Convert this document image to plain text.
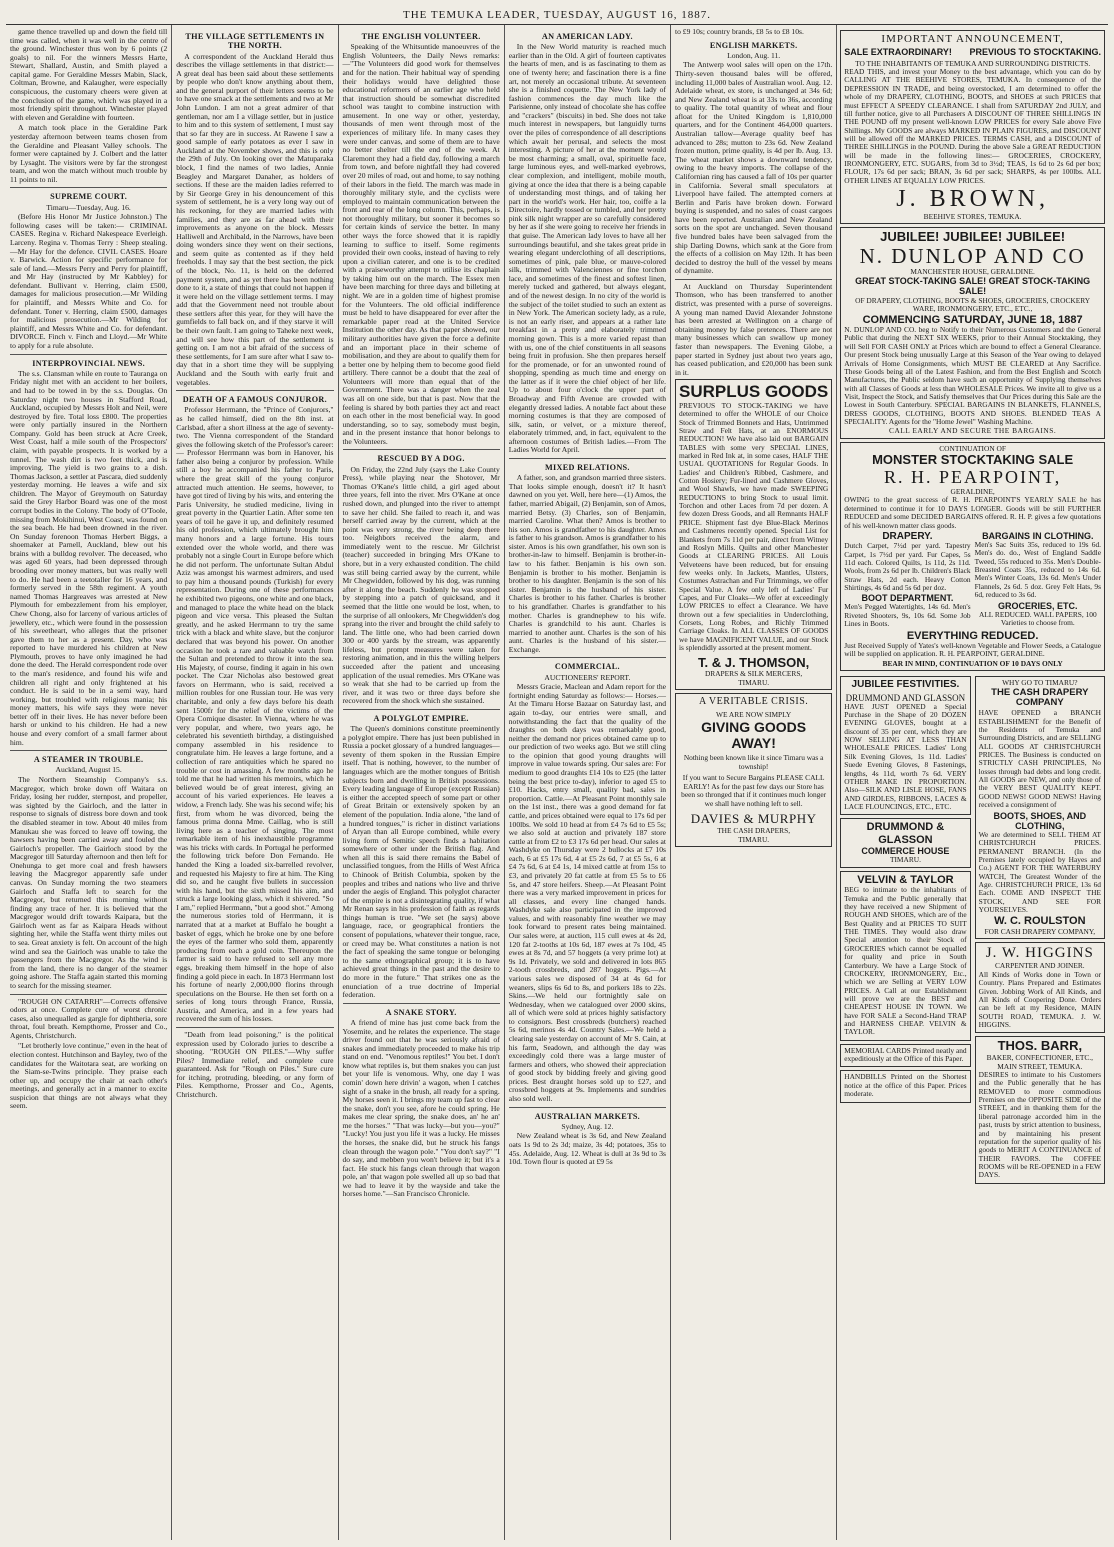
THE TEMUKA LEADER, TUESDAY, AUGUST 16, 1887.

game thence travelled up and down the field till time was called, when it was well in the centre of the ground. Winchester thus won by 6 points (2 goals) to nil. For the winners Messrs Harte, Stewart, Shallard, Austin, and Smith played a capital game. For Geraldine Messrs Mabin, Slack, Coltman, Browne, and Kalaugher, were especially conspicuous, the customary cheers were given at the conclusion of the game, which was played in a most friendly spirit throughout. Winchester played with eleven and Geraldine with fourteen.

A match took place in the Geraldine Park yesterday afternoon between teams chosen from the Geraldine and Pleasant Valley schools. The former were captained by J. Colbert and the latter by Lysaght. The visitors were by far the strongest team, and won the match without much trouble by 11 points to nil.

SUPREME COURT.
Timaru—Tuesday, Aug. 16.

(Before His Honor Mr Justice Johnston.) The following cases will be taken:— CRIMINAL CASES. Regina v. Richard Nakespeace Everleigh. Larceny. Regina v. Thomas Terry : Sheep stealing.—Mr Hay for the defence. CIVIL CASES. Hoare v. Barwick. Action for specific performance for sale of land.—Messrs Perry and Perry for plaintiff, and Mr Hay (instructed by Mr Kabbley) for defendant. Bullivant v. Herring, claim £500, damages for malicious prosecution.—Mr Wilding for plaintiff, and Messrs White and Co. for defendant. Toner v. Herring, claim £500, damages for malicious prosecution.—Mr Wilding for plaintiff, and Messrs White and Co. for defendant. DIVORCE. Finch v. Finch and Lloyd.—Mr White to apply for a rule absolute.

INTERPROVINCIAL NEWS.

The s.s. Clansman while en route to Tauranga on Friday night met with an accident to her boilers, and had to be towed in by the s.s. Douglas. On Saturday night two houses in Stafford Road, Auckland, occupied by Messrs Holt and Neil, were destroyed by fire. Total loss £800. The properties were only partially insured in the Northern Company. Gold has been struck at Acre Creek, West Coast, half a mile south of the Prospectors' claim, with payable prospects. It is worked by a tunnel. The wash dirt is two feet thick, and is improving. The yield is two grains to a dish. Thomas Jackson, a settler at Pascara, died suddenly yesterday morning. He leaves a wife and six children. The Mayor of Greymouth on Saturday said the Grey Harbor Board was one of the most corrupt bodies in the Colony. The body of O'Toole, missing from Mokihinui, West Coast, was found on the sea beach. He had been drowned in the river. On Sunday forenoon Thomas Herbert Biggs, a shoemaker at Parnell, Auckland, blew out his brains with a bulldog revolver. The deceased, who was aged 60 years, had been depressed through brooding over money matters, but was really well to do. He had been a teetotaller for 16 years, and formerly served in the 58th regiment. A youth named Thomas Hargreaves was arrested at New Plymouth for embezzlement from his employer, Chew Chong, also for larceny of various articles of jewellery, etc., which were found in the possession of his sweetheart, who alleges that the prisoner gave them to her as a present. Day, who was reported to have murdered his children at New Plymouth, proves to have only imagined he had done the deed. The Herald correspondent rode over to the man's residence, and found his wife and children all right and only frightened at his conduct. He is said to be in a semi way, hard working, but troubled with religious mania; his money matters, his wife says they were never better off in their lives. He has never before been harsh or unkind to his children. He had a new house and every comfort of a small farmer about him.

A STEAMER IN TROUBLE.
Auckland, August 15.

The Northern Steamship Company's s.s. Macgregor, which broke down off Waitara on Friday, losing her rudder, sternpost, and propeller, was sighted by the Gairloch, and the latter in response to signals of distress bore down and took the disabled steamer in tow. About 40 miles from Manukau she was forced to leave off towing, the hawsers having been carried away and fouled the Gairloch's propeller. The Gairloch stood by the Macgregor till Saturday afternoon and then left for Onehunga to get more coal and fresh hawsers leaving the Macgregor apparently safe under canvas. On Sunday morning the two steamers Gairloch and Staffa left to search for the Macgregor, but returned this morning without finding any trace of her. It is believed that the Macgregor would drift towards Kaipara, but the Gairloch went as far as Kaipara Heads without sighting her, while the Staffa went thirty miles out to sea. Great anxiety is felt. On account of the high wind and sea the Gairloch was unable to take the passengers from the Macgregor. As the wind is from the land, there is no danger of the steamer going ashore. The Staffa again started this morning to search for the missing steamer.

"ROUGH ON CATARRH"—Corrects offensive odors at once. Complete cure of worst chronic cases, also unequalled as gargle for diphtheria, sore throat, foul breath. Kempthorne, Prosser and Co., Agents, Christchurch.

"Let brotherly love continue," even in the heat of election contest. Hutchinson and Bayley, two of the candidates for the Waitotara seat, are working on the Siam-se-Twins principle. They praise each other up, and occupy the chair at each other's meetings, and generally act in a manner to excite suspicion that things are not always what they seem.

THE VILLAGE SETTLEMENTS IN THE NORTH.

A correspondent of the Auckland Herald thus describes the village settlements in that district:— A great deal has been said about these settlements by people who don't know anything about them, and the general purport of their letters seems to be to have one smack at the settlements and two at Mr John Lundon. I am not a great admirer of that gentleman, nor am I a village settler, but in justice to him and to this system of settlement, I must say that so far they are in success. At Rawene I saw a good sample of early potatoes as ever I saw in Auckland at the November shows, and this is only the 29th of July. On looking over the Matuparaka block, I find the names of two ladies, Annie Beagley and Margaret Danaher, as holders of sections. If these are the maiden ladies referred to by Sir George Grey in his denouncement of this system of settlement, he is a very long way out of his reckoning, for they are married ladies with families, and they are as far ahead with their improvements as anyone on the block. Messrs Halliwell and Archibald, in the Narrows, have been doing wonders since they went on their sections, and seem quite as contented as if they held freeholds. I may say that the best section, the pick of the block, No. 11, is held on the deferred payment system, and as yet there has been nothing done to it, a state of things that could not happen if it were held on the village settlement terms. I may add that the Government need not trouble about these settlers after this year, for they will have the gumfields to fall back on, and if they starve it will be their own fault. I am going to Taheke next week, and will see how this part of the settlement is getting on. I am not a bit afraid of the success of these settlements, for I am sure after what I saw to-day that in a short time they will be supplying Auckland and the South with early fruit and vegetables.

DEATH OF A FAMOUS CONJUROR.

Professor Herrmann, the "Prince of Conjurors," as he called himself, died on the 8th inst. at Carlsbad, after a short illness at the age of seventy-two. The Vienna correspondent of the Standard gives the following sketch of the Professor's career:— Professor Herrmann was born in Hanover, his father also being a conjuror by profession. While still a boy he accompanied his father to Paris, where the great skill of the young conjuror attracted much attention. He seems, however, to have got tired of living by his wits, and entering the Paris University, he studied medicine, living in great poverty in the Quartier Latin. After some ten years of toil he gave it up, and definitely resumed his old profession, which ultimately brought him many honors and a large fortune. His tours extended over the whole world, and there was probably not a single Court in Europe before which he did not perform. The unfortunate Sultan Abdul Aziz was amongst his warmest admirers, and used to pay him a thousand pounds (Turkish) for every representation. During one of these performances he exhibited two pigeons, one white and one black, and managed to place the white head on the black pigeon and vice versa. This pleased the Sultan greatly, and he asked Herrmann to try the same trick with a black and white slave, but the conjuror declared that was beyond his power. On another occasion he took a rare and valuable watch from the Sultan and pretended to throw it into the sea. His Majesty, of course, finding it again in his own pocket. The Czar Nicholas also bestowed great favors on Herrmann, who is said, received a million roubles for one Russian tour. He was very charitable, and only a few days before his death sent 1500fr for the relief of the victims of the Opera Comique disaster. In Vienna, where he was very popular, and where, two years ago, he celebrated his seventieth birthday, a distinguished company assembled in his residence to congratulate him. He leaves a large fortune, and a collection of rare antiquities which he spared no trouble or cost in amassing. A few months ago he told me that he had written his memoirs, which he believed would be of great interest, giving an account of his varied experiences. He leaves a widow, a French lady. She was his second wife; his first, from whom he was divorced, being the famous prima donna Mme. Caillag, who is still living here as a teacher of singing. The most remarkable item of his inexhaustible programme was his tricks with cards. In Portugal he performed the following trick before Don Fernando. He handed the King a loaded six-barrelled revolver, and requested his Majesty to fire at him. The King did so, and he caught five bullets in succession with his hand, but the sixth missed his aim, and struck a large looking glass, which it shivered. "So I am," replied Herrmann, "but a good shot." Among the numerous stories told of Herrmann, it is narrated that at a market at Buffalo he bought a basket of eggs, which he broke one by one before the eyes of the farmer who sold them, apparently producing from each a gold coin. Thereupon the farmer is said to have refused to sell any more eggs, breaking them himself in the hope of also finding a gold piece in each. In 1873 Herrmann lost his fortune of nearly 2,000,000 florins through speculations on the Bourse. He then set forth on a series of long tours through France, Russia, Austria, and America, and in a few years had recovered the sum of his losses.

"Death from lead poisoning," is the political expression used by Colorado juries to describe a shooting. "ROUGH ON PILES."—Why suffer Piles? Immediate relief, and complete cure guaranteed. Ask for "Rough on Piles." Sure cure for itching, protruding, bleeding, or any form of Piles. Kempthorne, Prosser and Co., Agents, Christchurch.

THE ENGLISH VOLUNTEER.

Speaking of the Whitsuntide manoeuvres of the English Volunteers, the Daily News remarks:—"The Volunteers did good work for themselves and for the nation. Their habitual way of spending their holidays would have delighted those educational reformers of an earlier age who held that instruction should be somewhat discredited school was taught to combine instruction with amusement. In one way or other, yesterday, thousands of men went through most of the experiences of military life. In many cases they were under canvas, and some of them are to have no better shelter till the end of the week. At Claremont they had a field day, following a march from town, and before nightfall they had covered over 20 miles of road, out and home, to say nothing of their labors in the field. The march was made in thoroughly military style, and the cyclists were employed to maintain communication between the front and rear of the long column. This, perhaps, is not thoroughly military, but sooner it becomes so for certain kinds of service the better. In many other ways the force showed that it is rapidly learning to suffice to itself. Some regiments provided their own cooks, instead of having to rely upon a civilian caterer, and one is to be credited with a praiseworthy attempt to utilise its chaplain by taking him out on the march. The Essex men have been marching for three days and billeting at night. We are in a golden time of highest promise for the Volunteers. The old official indifference must be held to have disappeared for ever after the remarkable paper read at the United Service Institution the other day. As that paper showed, our military authorities have given the force a definite and an important place in their scheme of mobilisation, and they are about to qualify them for a better one by helping them to become good field artillery. There cannot be a doubt that the zeal of Volunteers will more than equal that of the Government. There was a danger when the zeal was all on one side, but that is past. Now that the feeling is shared by both parties they act and react on each other in the most beneficial way. In good understanding, so to say, somebody must begin, and in the present instance that honor belongs to the Volunteers.

RESCUED BY A DOG.

On Friday, the 22nd July (says the Lake County Press), while playing near the Shotover, Mr Thomas O'Kane's little child, a girl aged about three years, fell into the river. Mrs O'Kane at once rushed down, and plunged into the river to attempt to save her child. She failed to reach it, and was herself carried away by the current, which at the point was very strong, the river being deep there too. Neighbors received the alarm, and immediately went to the rescue. Mr Gilchrist (teacher) succeeded in bringing Mrs O'Kane to shore, but in a very exhausted condition. The child was still being carried away by the current, while Mr Chegwidden, followed by his dog, was running after it along the beach. Suddenly he was stopped by stepping into a patch of quicksand, and it seemed that the little one would be lost, when, to the surprise of all onlookers, Mr Chegwidden's dog sprang into the river and brought the child safely to land. The little one, who had been carried down 300 or 400 yards by the stream, was apparently lifeless, but prompt measures were taken for restoring animation, and in this the willing helpers succeeded after the patient and unceasing application of the usual remedies. Mrs O'Kane was so weak that she had to be carried up from the river, and it was two or three days before she recovered from the shock which she sustained.

A POLYGLOT EMPIRE.

The Queen's dominions constitute preeminently a polyglot empire. There has just been published in Russia a pocket glossary of a hundred languages—seventy of them spoken in the Russian Empire itself. That is nothing, however, to the number of languages which are the mother tongues of British subjects born and dwelling in British possessions. Every leading language of Europe (except Russian) is either the accepted speech of some part or other of Great Britain or extensively spoken by an element of the population. India alone, "the land of a hundred tongues," is richer in distinct variations of Aryan than all Europe combined, while every living form of Semitic speech finds a habitation somewhere or other under the British flag. And when all this is said there remains the Babel of unclassified tongues, from the Hills of West Africa to Chinook of British Columbia, spoken by the peoples and tribes and nations who live and thrive under the aegis of England. This polyglot character of the empire is not a disintegrating quality, if what Mr Renan says in his profession of faith as regards things human is true. "We set (he says) above language, race, or geographical frontiers the consent of populations, whatever their tongue, race, or creed may be. What constitutes a nation is not the fact of speaking the same tongue or belonging to the same ethnographical group; it is to have achieved great things in the past and the desire to do more in the future." That strikes one as the enunciation of a true doctrine of Imperial federation.

A SNAKE STORY.

A friend of mine has just come back from the Yosemite, and he relates the experience. The stage driver found out that he was seriously afraid of snakes and immediately proceeded to make his trip stand on end. "Venomous reptiles!" You bet. I don't know what reptiles is, but them snakes you can just bet your life is venomous. Why, one day I was comin' down here drivin' a wagon, when I catches sight of a snake in the brush, all ready for a spring. My horses seen it. I brings my team up fast to clear the snake, don't you see, afore he could spring. He makes me clear spring, the snake does, an' he an' me the horses." "That was lucky—but you—you?" "Lucky! You just you life it was a lucky. He misses the horses, the snake did, but he struck his fangs clean through the wagon pole." "You don't say?" "I do say, and mebben you won't believe it; but it's a fact. He stuck his fangs clean through that wagon pole, an' that wagon pole swelled all up so bad that we had to leave it by the wayside and take the horses home."—San Francisco Chronicle.

AN AMERICAN LADY.

In the New World maturity is reached much earlier than in the Old. A girl of fourteen captivates the hearts of men, and is as fascinating to them as one of twenty here; and fascination there is a fine art, not merely an occasional tribute. At seventeen she is a finished coquette. The New York lady of fashion commences the day much like the Parisienne, only instead of chocolate she has coffee and "crackers" (biscuits) in bed. She does not take much interest in newspapers, but languidly turns over the piles of correspondence of all descriptions which await her perusal, and selects the most interesting. A picture of her at the moment would be most charming; a small, oval, spirituelle face, large luminous eyes, and well-marked eyebrows, clear complexion, and intelligent, mobile mouth, giving at once the idea that there is a being capable of understanding most things, and of taking her part in the world's work. Her hair, too, coiffe a la Directoire, hardly tossed or tumbled, and her pretty pink silk night wrapper are so carefully considered by her as if she were going to receive her friends in that guise. The American lady loves to have all her surroundings beautiful, and she takes great pride in wearing elegant underclothing of all descriptions, sometimes of pink, pale blue, or mauve-colored silk, trimmed with Valenciennes or fine torchon lace, and sometimes of the finest and softest linen, merely tucked and gathered, but always elegant, and of the newest design. In no city of the world is the subject of the toilet studied to such an extent as in New York. The American society lady, as a rule, is not an early riser, and appears at a rather late breakfast in a pretty and elaborately trimmed morning gown. This is a more varied repast than with us, one of the chief constituents in all seasons being fruit in profusion. She then prepares herself for the promenade, or for an unwonted round of shopping, spending as much time and energy on the latter as if it were the chief object of her life. Up to about four o'clock the upper part of Broadway and Fifth Avenue are crowded with elegantly dressed ladies. A notable fact about these morning costumes is that they are composed of silk, satin, or velvet, or a mixture thereof, elaborately trimmed, and, in fact, equivalent to the afternoon costumes of British ladies.—From The Ladies World for April.

MIXED RELATIONS.

A father, son, and grandson married three sisters. That looks simple enough, doesn't it? It hasn't dawned on you yet. Well, here here—(1) Amos, the father, married Abigail, (2) Benjamin, son of Amos, married Betsy. (3) Charles, son of Benjamin, married Caroline. What then? Amos is brother to his son. Amos is grandfather to his daughter. Amos is father to his grandson. Amos is grandfather to his sister. Amos is his own grandfather, his own son is brother-in-law to himself. Benjamin is brother-in-law to his father. Benjamin is his own son. Benjamin is brother to his mother. Benjamin is brother to his daughter. Benjamin is the son of his sister. Benjamin is the husband of his sister. Charles is brother to his father. Charles is brother to his grandfather. Charles is grandfather to his mother. Charles is grandnephew to his wife. Charles is grandchild to his aunt. Charles is married to another aunt. Charles is the son of his aunt. Charles is the husband of his sister.—Exchange.

COMMERCIAL.
AUCTIONEERS' REPORT.

Messrs Gracie, Maclean and Adam report for the fortnight ending Saturday as follows:— Horses.—At the Timaru Horse Bazaar on Saturday last, and again to-day, our entries were small, and notwithstanding the fact that the quality of the draughts on both days was remarkably good, neither the demand nor prices obtained came up to our prediction of two weeks ago. But we still cling to the opinion that good young draughts will improve in value towards spring. Our sales are: For medium to good draughts £14 10s to £25 (the latter being the best price to-day), inferior to aged £5 to £10. Hacks, entry small, quality bad, sales in proportion. Cattle.—At Pleasant Point monthly sale on the 1st inst., there was a good demand for fat cattle, and prices obtained were equal to 17s 6d per 100lbs. We sold 10 head at from £4 7s 6d to £5 5s; we also sold at auction and privately 187 store cattle at from £2 to £3 17s 6d per head. Our sales at Washdyke on Thursday were 2 bullocks at £7 10s each, 6 at £5 17s 6d, 4 at £5 2s 6d, 7 at £5 5s, 6 at £4 7s 6d, 6 at £4 1s, 14 mixed cattle at from 15s to £3, and privately 20 fat cattle at from £5 5s to £6 5s, and 47 store heifers. Sheep.—At Pleasant Point there was a very marked improvement in prices for all classes, and every line changed hands. Washdyke sale also participated in the improved values, and with reasonably fine weather we may look forward to present rates being maintained. Our sales were, at auction, 115 cull ewes at 4s 2d, 120 fat 2-tooths at 10s 6d, 187 ewes at 7s 10d, 45 ewes at 8s 7d, and 57 hoggets (a very prime lot) at 9s 1d. Privately, we sold and delivered in lots 865 2-tooth crossbreds, and 287 hoggets. Pigs.—At various sales we disposed of 34 at 4s 6d for weaners, slips 6s 6d to 8s, and porkers 18s to 22s. Skins.—We held our fortnightly sale on Wednesday, when we catalogued over 2000 skins, all of which were sold at prices highly satisfactory to consignors. Best crossbreds (butchers) reached 5s 6d, merinos 4s 4d. Country Sales.—We held a clearing sale yesterday on account of Mr S. Cain, at his farm, Seadown, and although the day was exceedingly cold there was a large muster of farmers and others, who showed their appreciation of good stock by bidding freely and giving good prices. Best draught horses sold up to £27, and crossbred hoggets at 9s. Implements and sundries also sold well.

AUSTRALIAN MARKETS.
Sydney, Aug. 12.

New Zealand wheat is 3s 6d, and New Zealand oats 1s 9d to 2s 3d; maize, 3s 4d; potatoes, 35s to 45s. Adelaide, Aug. 12. Wheat is dull at 3s 9d to 3s 10d. Town flour is quoted at £9 5s

to £9 10s; country brands, £8 5s to £8 10s.

ENGLISH MARKETS.
London, Aug. 11.

The Antwerp wool sales will open on the 17th. Thirty-seven thousand bales will be offered, including 11,000 bales of Australian wool. Aug. 12. Adelaide wheat, ex store, is unchanged at 34s 6d; and New Zealand wheat is at 33s to 36s, according to quality. The total quantity of wheat and flour afloat for the United Kingdom is 1,810,000 quarters, and for the Continent 464,000 quarters. Australian tallow—Average quality beef has advanced to 28s; mutton to 23s 6d. New Zealand frozen mutton, prime quality, is 4d per lb. Aug. 13. The wheat market shows a downward tendency, owing to the heavy imports. The collapse of the Californian ring has caused a fall of 10s per quarter in California. Several small speculators at Liverpool have failed. The attempted corners at Berlin and Paris have broken down. Forward buying is suspended, and no sales of coast cargoes have been reported. Australian and New Zealand sorts on the spot are unchanged. Seven thousand five hundred bales have been salvaged from the ship Darling Downs, which sank at the Gore from the effects of a collision on May 12th. It has been decided to destroy the hull of the vessel by means of dynamite.

At Auckland on Thursday Superintendent Thomson, who has been transferred to another district, was presented with a purse of sovereigns. A young man named David Alexander Johnstone has been arrested at Wellington on a charge of obtaining money by false pretences. There are not many businesses which can swallow up money faster than newspapers. The Evening Globe, a paper started in Sydney just about two years ago, has ceased publication, and £20,000 has been sunk in it.

SURPLUS GOODS

PREVIOUS TO STOCK-TAKING we have determined to offer the WHOLE of our Choice Stock of Trimmed Bonnets and Hats, Untrimmed Straw and Felt Hats, at an ENORMOUS REDUCTION! We have also laid out BARGAIN TABLES with some very SPECIAL LINES, marked in Red Ink at, in some cases, HALF THE USUAL QUOTATIONS for Regular Goods. In Ladies' and Children's Ribbed, Cashmere, and Cotton Hosiery; Fur-lined and Cashmere Gloves, and Wool Shawls, we have made SWEEPING REDUCTIONS to bring Stock to usual limit. Torchon and other Laces from 7d per dozen. A few dozen Dress Goods, and all Remnants HALF PRICE. Shipment fast dye Blue-Black Merinos and Cashmeres recently opened. Special List for Blankets from 7s 11d per pair, direct from Witney and Roslyn Mills. Quilts and other Manchester Goods at CLEARING PRICES. All Louis Velveteens have been reduced, but for ensuing few weeks only. In Jackets, Mantles, Ulsters, Costumes Astrachan and Fur Trimmings, we offer Special Value. A few only left of Ladies' Fur Capes, and Fur Cloaks—We offer at exceedingly LOW PRICES to effect a Clearance. We have thrown out a few specialities in Underclothing, Corsets, Long Robes, and Richly Trimmed Carriage Cloaks. In ALL CLASSES OF GOODS we have MAGNIFICENT VALUE, and our Stock is splendidly assorted at the present moment.

T. & J. THOMSON,
DRAPERS & SILK MERCERS,
TIMARU.
A VERITABLE CRISIS.
WE ARE NOW SIMPLY
GIVING GOODS
AWAY!
Nothing been known like it since Timaru was a township!
If you want to Secure Bargains PLEASE CALL EARLY! As for the past few days our Store has been so thronged that if it continues much longer we shall have nothing left to sell.
DAVIES & MURPHY
THE CASH DRAPERS,
TIMARU.
IMPORTANT ANNOUNCEMENT,
SALE EXTRAORDINARY! PREVIOUS TO STOCKTAKING.
TO THE INHABITANTS OF TEMUKA AND SURROUNDING DISTRICTS.

READ THIS, and invest your Money to the best advantage, which you can do by CALLING AT THE BEEHIVE STORES, TEMUKA. In consequence of the DEPRESSION IN TRADE, and being overstocked, I am determined to offer the whole of my DRAPERY, CLOTHING, BOOTS, and SHOES at such PRICES that must EFFECT A SPEEDY CLEARANCE. I shall from SATURDAY 2nd JULY, and till further notice, give to all Purchasers A DISCOUNT OF THREE SHILLINGS IN THE POUND off my present well-known LOW PRICES for every Sale above Five Shillings. My GOODS are always MARKED IN PLAIN FIGURES, and DISCOUNT will be allowed off the MARKED PRICES. TERMS CASH, and a DISCOUNT of THREE SHILLINGS in the POUND. During the above Sale a GREAT REDUCTION will be made in the following lines:— GROCERIES, CROCKERY, IRONMONGERY, ETC. SUGARS, from 3d to 3½d; TEAS, 1s 6d to 2s 6d per box; FLOUR, 17s 6d per sack; BRAN, 3s 6d per sack; SHARPS, 4s per 100lbs. ALL OTHER LINES AT EQUALLY LOW PRICES.

J. BROWN,
BEEHIVE STORES, TEMUKA.
JUBILEE! JUBILEE! JUBILEE!
N. DUNLOP AND CO
MANCHESTER HOUSE, GERALDINE.
GREAT STOCK-TAKING SALE! GREAT STOCK-TAKING SALE!
OF DRAPERY, CLOTHING, BOOTS & SHOES, GROCERIES, CROCKERY WARE, IRONMONGERY, ETC., ETC.,
COMMENCING SATURDAY, JUNE 18, 1887

N. DUNLOP AND CO. beg to Notify to their Numerous Customers and the General Public that during the NEXT SIX WEEKS, prior to their Annual Stocktaking, they will Sell FOR CASH ONLY at Prices which are bound to effect a General Clearance. Our present Stock being unusually Large at this Season of the Year owing to delayed Arrivals of Home Consignments, which MUST BE CLEARED at Any Sacrifice. These Goods being all of the Latest Fashion, and from the Best English and Scotch Manufactures, the Public seldom have such an opportunity of Supplying themselves with all Classes of Goods at less than WHOLESALE Prices. We invite all to give us a Visit, Inspect the Stock, and Satisfy themselves that Our Prices during this Sale are the Lowest in South Canterbury. SPECIAL BARGAINS IN BLANKETS, FLANNELS, DRESS GOODS, CLOTHING, BOOTS AND SHOES. BLENDED TEAS A SPECIALITY. Agents for the "Home Jewel" Washing Machine.

CALL EARLY AND SECURE THE BARGAINS.
CONTINUATION OF
MONSTER STOCKTAKING SALE
R. H. PEARPOINT,
GERALDINE,

OWING to the great success of R. H. PEARPOINT'S YEARLY SALE he has determined to continue it for 10 DAYS LONGER. Goods will be still FURTHER REDUCED and some DECIDED BARGAINS offered. R. H. P. gives a few quotations of his well-known matter class goods.

DRAPERY.

Dutch Carpet, 7½d per yard. Tapestry Carpet, 1s 7½d per yard. Fur Capes, 5s 11d each. Colored Quilts, 1s 11d, 2s 11d. Wools, from 2s 6d per lb. Children's Black Straw Hats, 2d each. Heavy Cotton Shirtings, 4s 6d and 5s 6d per doz.

BOOT DEPARTMENT.

Men's Pegged Watertights, 14s 6d. Men's Riveted Shooters, 9s, 10s 6d. Some Job Lines in Boots.

BARGAINS IN CLOTHING.

Men's Sac Suits 35s, reduced to 19s 6d. Men's do. do., West of England Saddle Tweed, 55s reduced to 35s. Men's Double-Breasted Coats 35s, reduced to 14s 6d. Men's Winter Coats, 13s 6d. Men's Under Flannels, 2s 6d. 5 doz. Grey Felt Hats, 9s 6d, reduced to 3s 6d.

GROCERIES, ETC.
ALL REDUCED. WALL PAPERS, 100 Varieties to choose from.
EVERYTHING REDUCED.

Just Received Supply of Yates's well-known Vegetable and Flower Seeds, a Catalogue will be supplied on application. R. H. PEARPOINT, GERALDINE.

BEAR IN MIND, CONTINUATION OF 10 DAYS ONLY
JUBILEE FESTIVITIES.
DRUMMOND AND GLASSON

HAVE JUST OPENED a Special Purchase in the Shape of 20 DOZEN EVENING GLOVES, bought at a discount of 35 per cent, which they are NOW SELLING AT LESS THAN WHOLESALE PRICES. Ladies' Long Silk Evening Gloves, 1s 11d. Ladies' Suede Evening Gloves, 8 Fastenings, lengths, 4s 11d, worth 7s 6d. VERY OTHER MAKE IN PROPORTION. Also—SILK AND LISLE HOSE, FANS AND GIRDLES, RIBBONS, LACES & LACE FLOUNCINGS, ETC., ETC.

DRUMMOND & GLASSON
COMMERCE HOUSE
TIMARU.
VELVIN & TAYLOR

BEG to intimate to the inhabitants of Temuka and the Public generally that they have received a new Shipment of ROUGH AND SHOES, which are of the Best Quality and at PRICES TO SUIT THE TIMES. They would also draw Special attention to their Stock of GROCERIES which cannot be equalled for quality and price in South Canterbury. We have a Large Stock of CROCKERY, IRONMONGERY, Etc., which we are Selling at VERY LOW PRICES. A Call at our Establishment will prove we are the BEST and CHEAPEST HOUSE IN TOWN. We have FOR SALE a Second-Hand TRAP and HARNESS CHEAP. VELVIN & TAYLOR.

MEMORIAL CARDS Printed neatly and expeditiously at the Office of this Paper.

HANDBILLS Printed on the Shortest notice at the office of this Paper. Prices moderate.

WHY GO TO TIMARU?
THE CASH DRAPERY COMPANY

HAVE OPENED a BRANCH ESTABLISHMENT for the Benefit of the Residents of Temuka and Surrounding Districts, and are SELLING ALL GOODS AT CHRISTCHURCH PRICES. The Business is conducted on STRICTLY CASH PRINCIPLES, No losses through bad debts and long credit. All GOODS are NEW, and only those of the VERY BEST QUALITY KEPT. GOOD NEWS! GOOD NEWS! Having received a consignment of

BOOTS, SHOES, AND CLOTHING,

We are determined to SELL THEM AT CHRISTCHURCH PRICES. PERMANENT BRANCH. (In the Premises lately occupied by Hayes and Co.) AGENT FOR THE WATERBURY WATCH, The Greatest Wonder of the Age. CHRISTCHURCH PRICE, 13s 6d Each. COME AND INSPECT THE STOCK, AND SEE FOR YOURSELVES.

W. C. ROULSTON
FOR CASH DRAPERY COMPANY,
J. W. HIGGINS
CARPENTER AND JOINER.

All Kinds of Works done in Town or Country. Plans Prepared and Estimates Given. Jobbing Work of All Kinds, and All Kinds of Coopering Done. Orders can be left at my Residence, MAIN SOUTH ROAD, TEMUKA. J. W. HIGGINS.

THOS. BARR,
BAKER, CONFECTIONER, ETC.,
MAIN STREET, TEMUKA.

DESIRES to intimate to his Customers and the Public generally that he has REMOVED to more commodious Premises on the OPPOSITE SIDE of the STREET, and in thanking them for the liberal patronage accorded him in the past, trusts by strict attention to business, and by maintaining his present reputation for the superior quality of his goods to MERIT A CONTINUANCE of THEIR FAVORS. The COFFEE ROOMS will be RE-OPENED in a FEW DAYS.
